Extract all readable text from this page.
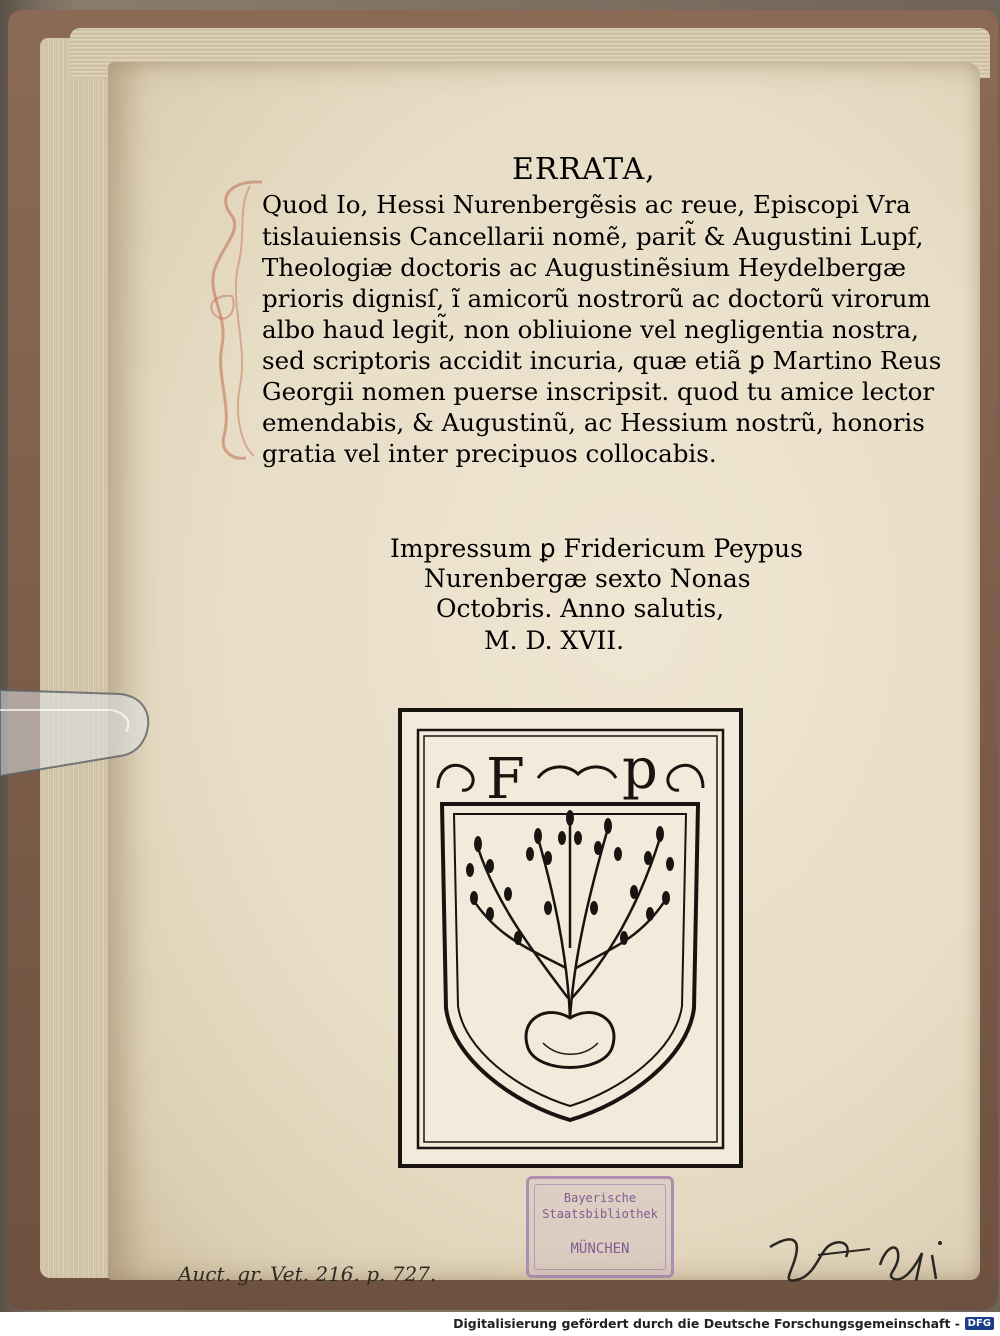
ERRATA,
Quod Io, Hessi Nurenbergẽsis ac reue, Episcopi Vra
tislauiensis Cancellarii nomẽ, parit̃ & Augustini Lupf,
Theologiæ doctoris ac Augustinẽsium Heydelbergæ
prioris dignisſ, ĩ amicorũ nostrorũ ac doctorũ virorum
albo haud legit̃, non obliuione vel negligentia nostra,
sed scriptoris accidit incuria, quæ etiã ꝑ Martino Reus
Georgii nomen puerse inscripsit. quod tu amice lector
emendabis, & Augustinũ, ac Hessium nostrũ, honoris
gratia vel inter precipuos collocabis.
Impressum ꝑ Fridericum Peypus
Nurenbergæ sexto Nonas
Octobris. Anno salutis,
M. D. XVII.
F p
Bayerische
Staatsbibliothek
MÜNCHEN
Auct. gr. Vet. 216. p. 727.
Digitalisierung gefördert durch die Deutsche Forschungsgemeinschaft - DFG
